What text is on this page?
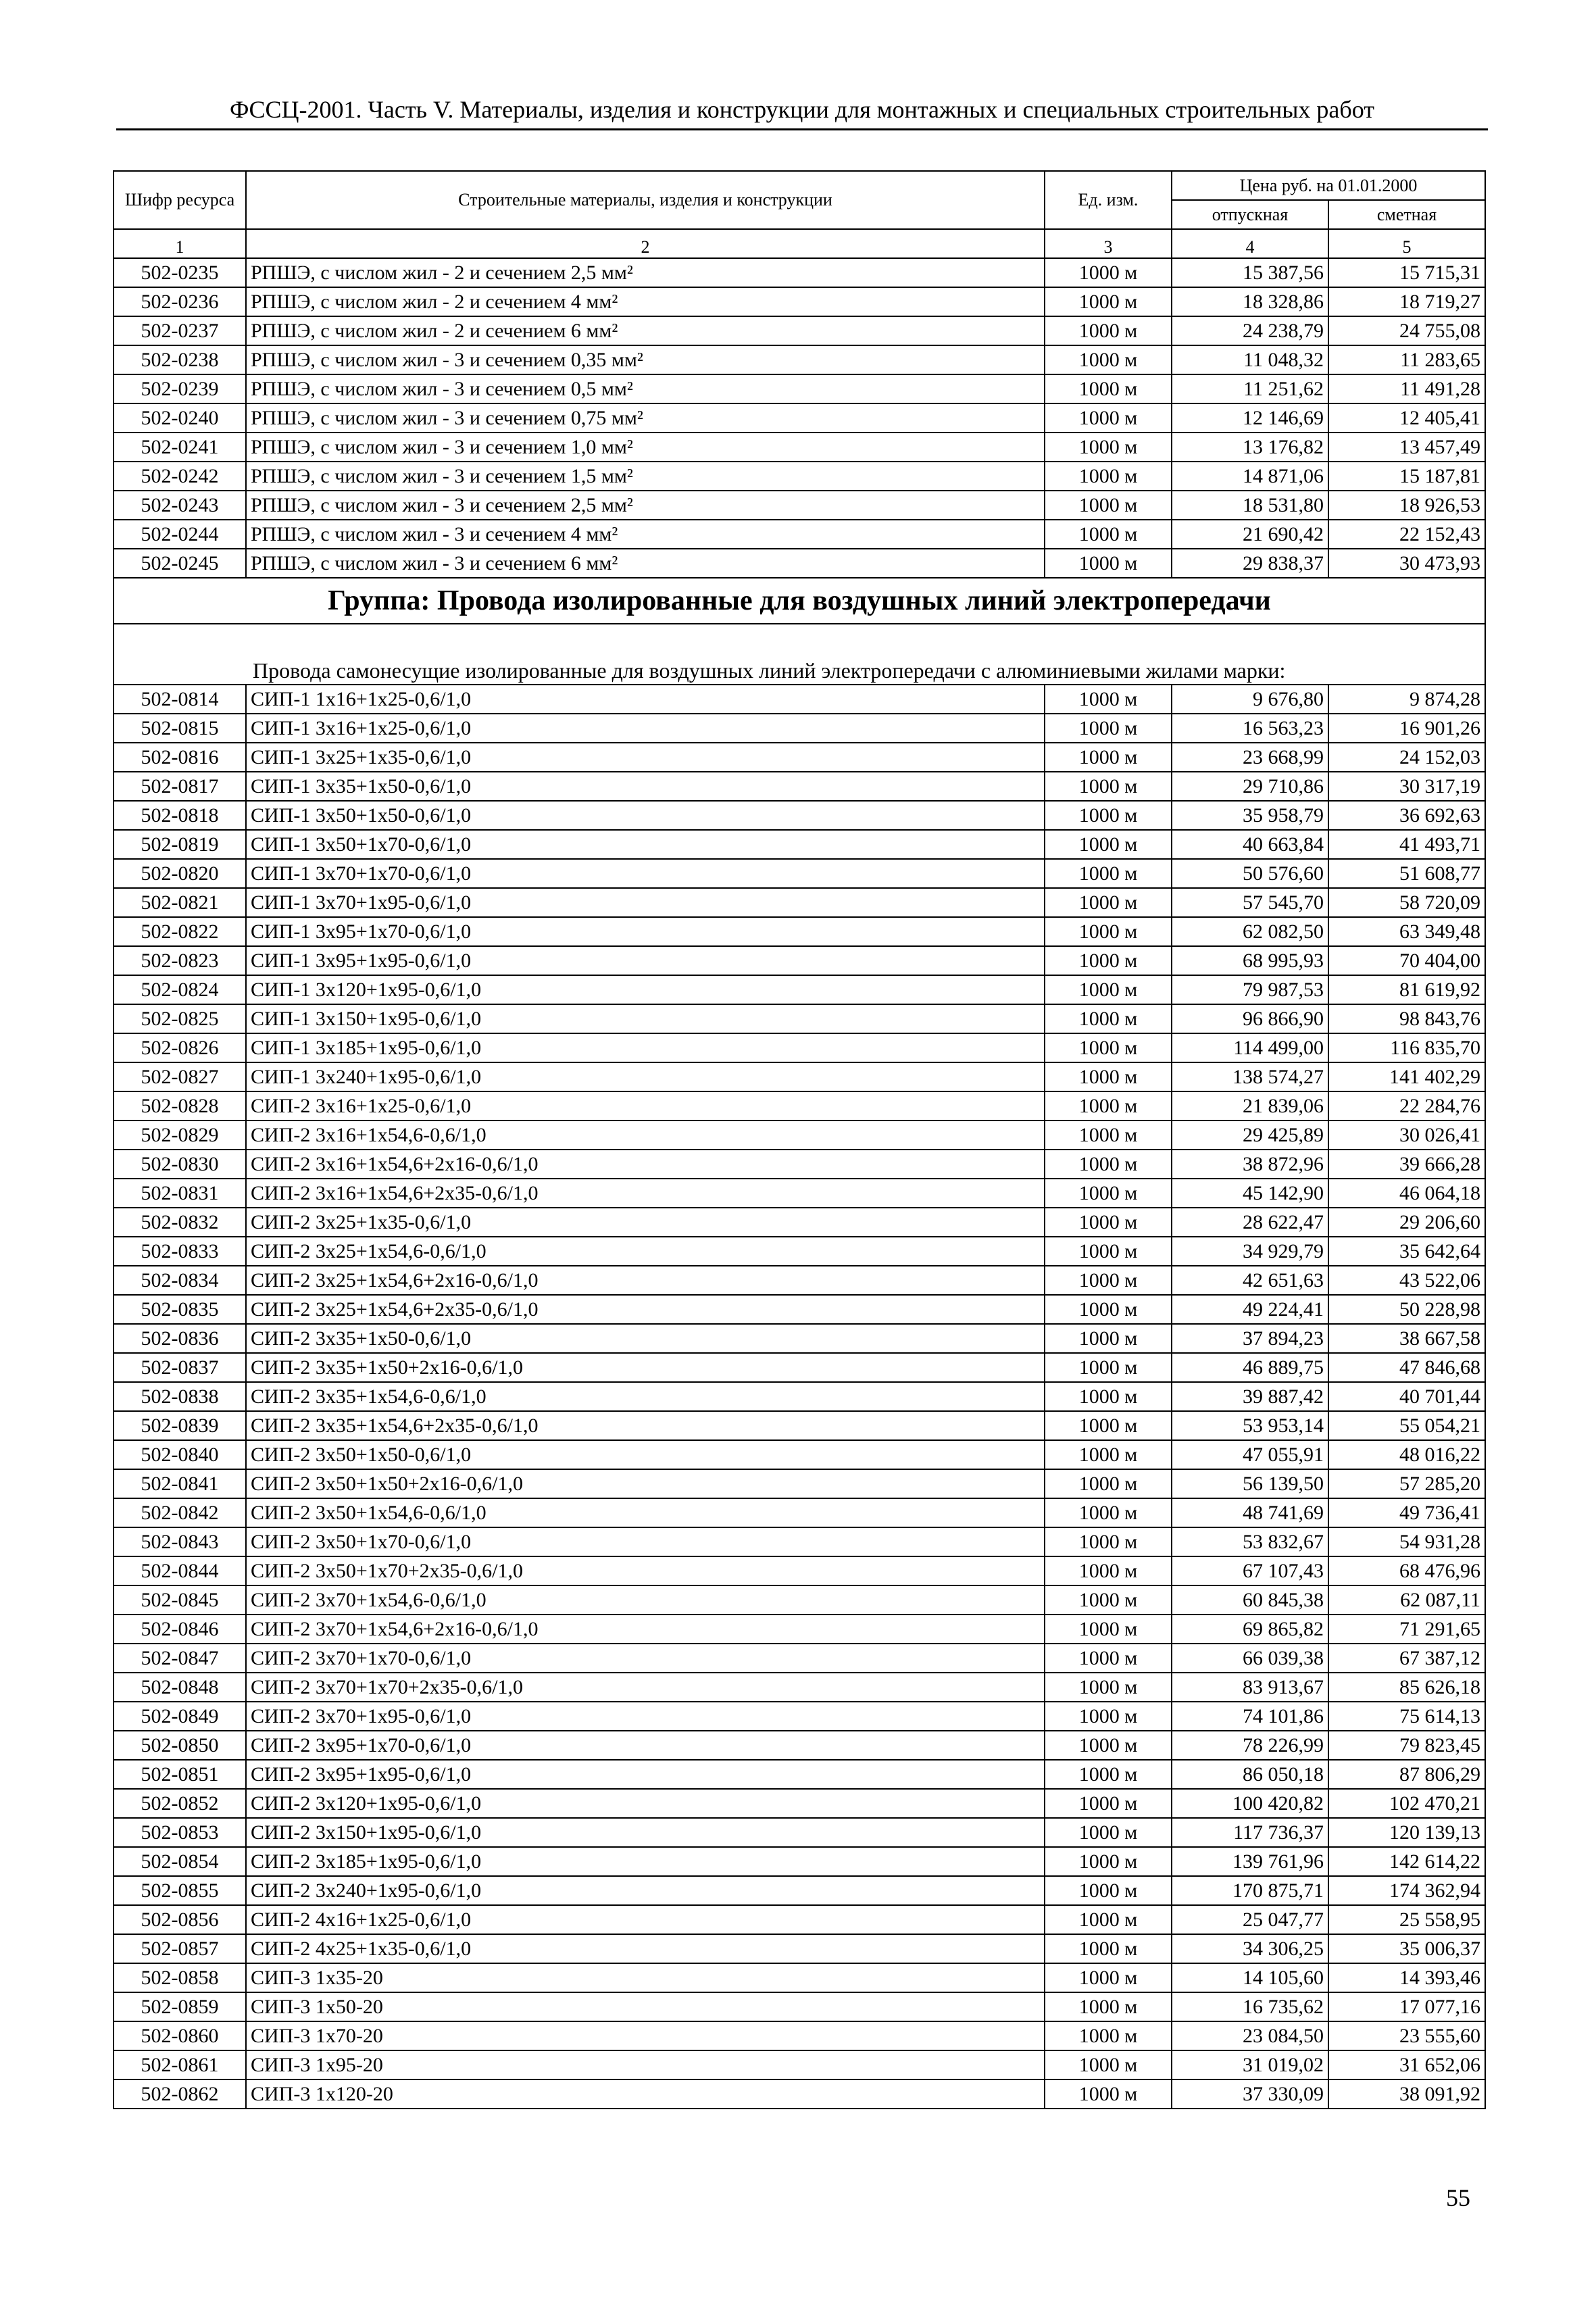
ФССЦ-2001. Часть V. Материалы, изделия и конструкции для монтажных и специальных строительных работ
Шифр ресурса	Строительные материалы, изделия и конструкции	Ед. изм.	Цена руб. на 01.01.2000	
			отпускная	сметная
1	2	3	4	5
502-0235	РПШЭ, с числом жил - 2 и сечением 2,5 мм²	1000 м	15 387,56	15 715,31
502-0236	РПШЭ, с числом жил - 2 и сечением 4 мм²	1000 м	18 328,86	18 719,27
502-0237	РПШЭ, с числом жил - 2 и сечением 6 мм²	1000 м	24 238,79	24 755,08
502-0238	РПШЭ, с числом жил - 3 и сечением 0,35 мм²	1000 м	11 048,32	11 283,65
502-0239	РПШЭ, с числом жил - 3 и сечением 0,5 мм²	1000 м	11 251,62	11 491,28
502-0240	РПШЭ, с числом жил - 3 и сечением 0,75 мм²	1000 м	12 146,69	12 405,41
502-0241	РПШЭ, с числом жил - 3 и сечением 1,0 мм²	1000 м	13 176,82	13 457,49
502-0242	РПШЭ, с числом жил - 3 и сечением 1,5 мм²	1000 м	14 871,06	15 187,81
502-0243	РПШЭ, с числом жил - 3 и сечением 2,5 мм²	1000 м	18 531,80	18 926,53
502-0244	РПШЭ, с числом жил - 3 и сечением 4 мм²	1000 м	21 690,42	22 152,43
502-0245	РПШЭ, с числом жил - 3 и сечением 6 мм²	1000 м	29 838,37	30 473,93
Группа: Провода изолированные для воздушных линий электропередачи				
Провода самонесущие изолированные для воздушных линий электропередачи с алюминиевыми жилами марки:				
502-0814	СИП-1 1x16+1x25-0,6/1,0	1000 м	9 676,80	9 874,28
502-0815	СИП-1 3x16+1x25-0,6/1,0	1000 м	16 563,23	16 901,26
502-0816	СИП-1 3x25+1x35-0,6/1,0	1000 м	23 668,99	24 152,03
502-0817	СИП-1 3x35+1x50-0,6/1,0	1000 м	29 710,86	30 317,19
502-0818	СИП-1 3x50+1x50-0,6/1,0	1000 м	35 958,79	36 692,63
502-0819	СИП-1 3x50+1x70-0,6/1,0	1000 м	40 663,84	41 493,71
502-0820	СИП-1 3x70+1x70-0,6/1,0	1000 м	50 576,60	51 608,77
502-0821	СИП-1 3x70+1x95-0,6/1,0	1000 м	57 545,70	58 720,09
502-0822	СИП-1 3x95+1x70-0,6/1,0	1000 м	62 082,50	63 349,48
502-0823	СИП-1 3x95+1x95-0,6/1,0	1000 м	68 995,93	70 404,00
502-0824	СИП-1 3x120+1x95-0,6/1,0	1000 м	79 987,53	81 619,92
502-0825	СИП-1 3x150+1x95-0,6/1,0	1000 м	96 866,90	98 843,76
502-0826	СИП-1 3x185+1x95-0,6/1,0	1000 м	114 499,00	116 835,70
502-0827	СИП-1 3x240+1x95-0,6/1,0	1000 м	138 574,27	141 402,29
502-0828	СИП-2 3x16+1x25-0,6/1,0	1000 м	21 839,06	22 284,76
502-0829	СИП-2 3x16+1x54,6-0,6/1,0	1000 м	29 425,89	30 026,41
502-0830	СИП-2 3x16+1x54,6+2x16-0,6/1,0	1000 м	38 872,96	39 666,28
502-0831	СИП-2 3x16+1x54,6+2x35-0,6/1,0	1000 м	45 142,90	46 064,18
502-0832	СИП-2 3x25+1x35-0,6/1,0	1000 м	28 622,47	29 206,60
502-0833	СИП-2 3x25+1x54,6-0,6/1,0	1000 м	34 929,79	35 642,64
502-0834	СИП-2 3x25+1x54,6+2x16-0,6/1,0	1000 м	42 651,63	43 522,06
502-0835	СИП-2 3x25+1x54,6+2x35-0,6/1,0	1000 м	49 224,41	50 228,98
502-0836	СИП-2 3x35+1x50-0,6/1,0	1000 м	37 894,23	38 667,58
502-0837	СИП-2 3x35+1x50+2x16-0,6/1,0	1000 м	46 889,75	47 846,68
502-0838	СИП-2 3x35+1x54,6-0,6/1,0	1000 м	39 887,42	40 701,44
502-0839	СИП-2 3x35+1x54,6+2x35-0,6/1,0	1000 м	53 953,14	55 054,21
502-0840	СИП-2 3x50+1x50-0,6/1,0	1000 м	47 055,91	48 016,22
502-0841	СИП-2 3x50+1x50+2x16-0,6/1,0	1000 м	56 139,50	57 285,20
502-0842	СИП-2 3x50+1x54,6-0,6/1,0	1000 м	48 741,69	49 736,41
502-0843	СИП-2 3x50+1x70-0,6/1,0	1000 м	53 832,67	54 931,28
502-0844	СИП-2 3x50+1x70+2x35-0,6/1,0	1000 м	67 107,43	68 476,96
502-0845	СИП-2 3x70+1x54,6-0,6/1,0	1000 м	60 845,38	62 087,11
502-0846	СИП-2 3x70+1x54,6+2x16-0,6/1,0	1000 м	69 865,82	71 291,65
502-0847	СИП-2 3x70+1x70-0,6/1,0	1000 м	66 039,38	67 387,12
502-0848	СИП-2 3x70+1x70+2x35-0,6/1,0	1000 м	83 913,67	85 626,18
502-0849	СИП-2 3x70+1x95-0,6/1,0	1000 м	74 101,86	75 614,13
502-0850	СИП-2 3x95+1x70-0,6/1,0	1000 м	78 226,99	79 823,45
502-0851	СИП-2 3x95+1x95-0,6/1,0	1000 м	86 050,18	87 806,29
502-0852	СИП-2 3x120+1x95-0,6/1,0	1000 м	100 420,82	102 470,21
502-0853	СИП-2 3x150+1x95-0,6/1,0	1000 м	117 736,37	120 139,13
502-0854	СИП-2 3x185+1x95-0,6/1,0	1000 м	139 761,96	142 614,22
502-0855	СИП-2 3x240+1x95-0,6/1,0	1000 м	170 875,71	174 362,94
502-0856	СИП-2 4x16+1x25-0,6/1,0	1000 м	25 047,77	25 558,95
502-0857	СИП-2 4x25+1x35-0,6/1,0	1000 м	34 306,25	35 006,37
502-0858	СИП-3 1x35-20	1000 м	14 105,60	14 393,46
502-0859	СИП-3 1x50-20	1000 м	16 735,62	17 077,16
502-0860	СИП-3 1x70-20	1000 м	23 084,50	23 555,60
502-0861	СИП-3 1x95-20	1000 м	31 019,02	31 652,06
502-0862	СИП-3 1x120-20	1000 м	37 330,09	38 091,92
55
